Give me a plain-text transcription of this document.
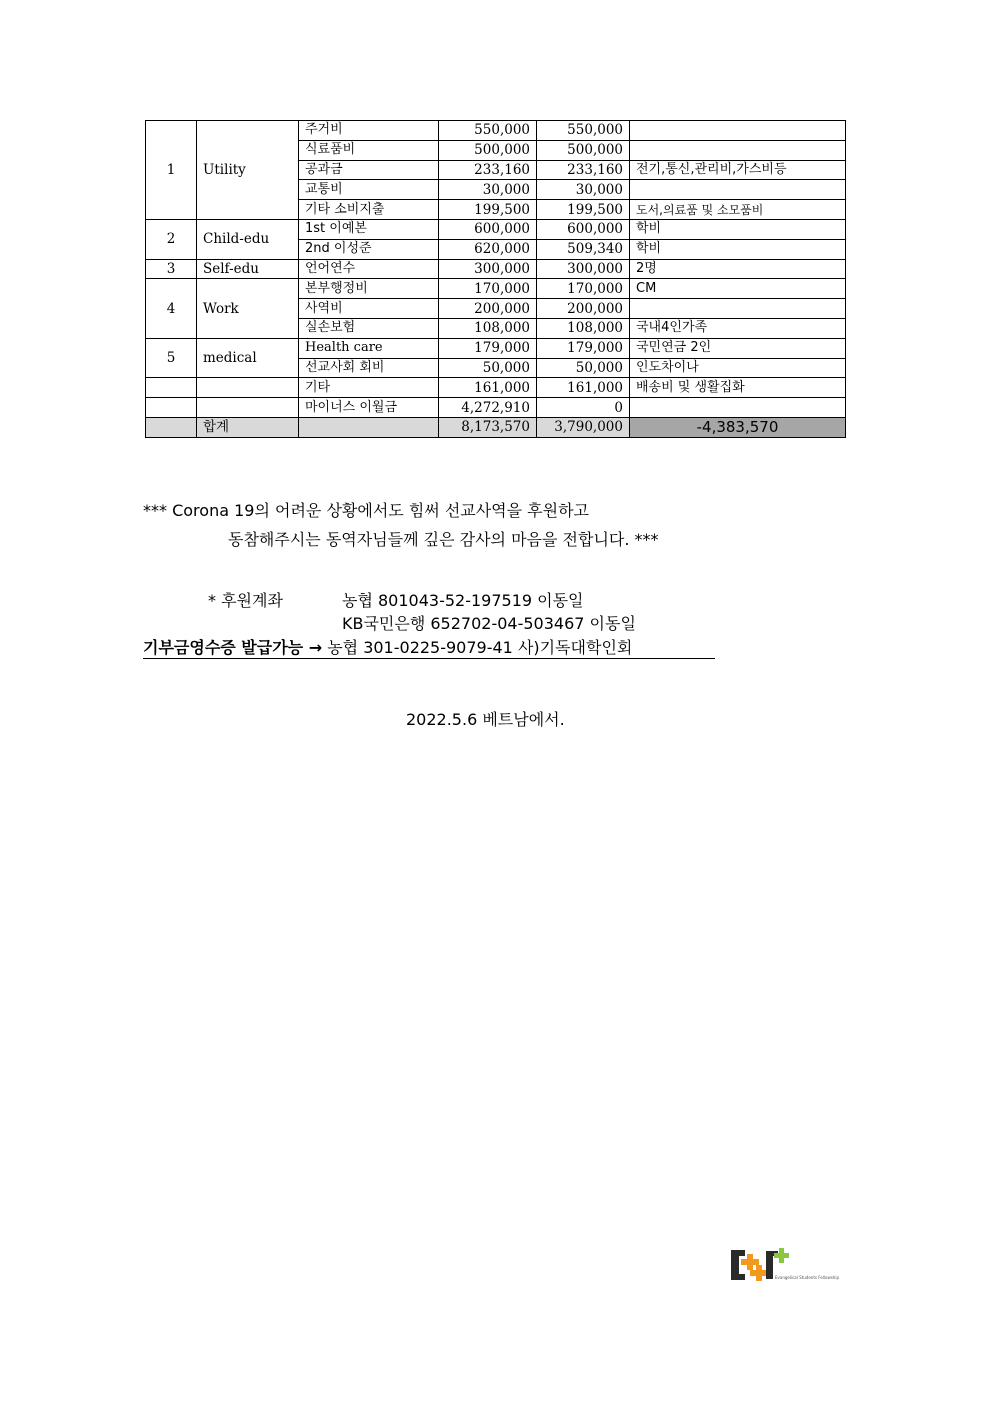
1	Utility	주거비	550,000	550,000	
		식료품비	500,000	500,000	
		공과금	233,160	233,160	전기,통신,관리비,가스비등
		교통비	30,000	30,000	
		기타 소비지출	199,500	199,500	도서,의료품 및 소모품비
2	Child-edu	1st 이예본	600,000	600,000	학비
		2nd 이성준	620,000	509,340	학비
3	Self-edu	언어연수	300,000	300,000	2명
4	Work	본부행정비	170,000	170,000	CM
		사역비	200,000	200,000	
		실손보험	108,000	108,000	국내4인가족
5	medical	Health care	179,000	179,000	국민연금 2인
		선교사회 회비	50,000	50,000	인도차이나
		기타	161,000	161,000	배송비 및 생활집화
		마이너스 이월금	4,272,910	0	
	합계		8,173,570	3,790,000	-4,383,570
*** Corona 19의 어려운 상황에서도 힘써 선교사역을 후원하고
동참해주시는 동역자님들께 깊은 감사의 마음을 전합니다. ***
* 후원계좌	농협 801043-52-197519 이동일
KB국민은행 652702-04-503467 이동일
기부금영수증 발급가능 → 농협 301-0225-9079-41 사)기독대학인회
2022.5.6 베트남에서.
Evangelical Students Fellowship
